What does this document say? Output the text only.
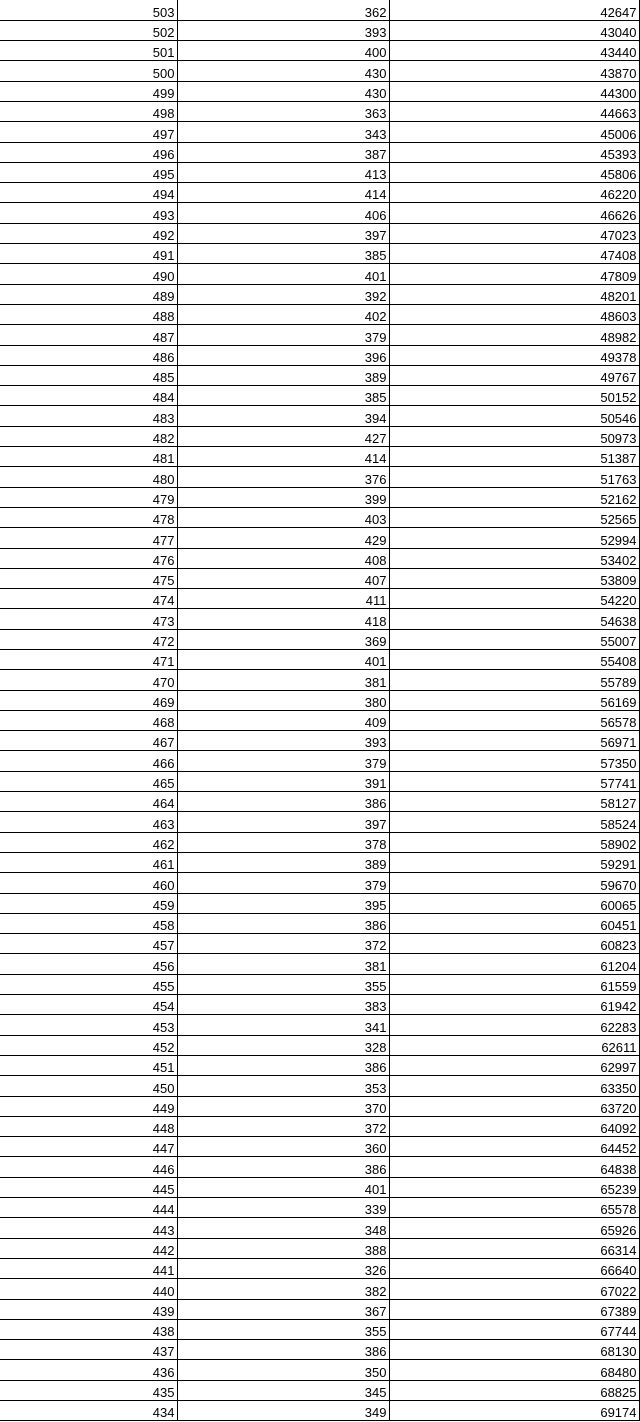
503	362	42647
502	393	43040
501	400	43440
500	430	43870
499	430	44300
498	363	44663
497	343	45006
496	387	45393
495	413	45806
494	414	46220
493	406	46626
492	397	47023
491	385	47408
490	401	47809
489	392	48201
488	402	48603
487	379	48982
486	396	49378
485	389	49767
484	385	50152
483	394	50546
482	427	50973
481	414	51387
480	376	51763
479	399	52162
478	403	52565
477	429	52994
476	408	53402
475	407	53809
474	411	54220
473	418	54638
472	369	55007
471	401	55408
470	381	55789
469	380	56169
468	409	56578
467	393	56971
466	379	57350
465	391	57741
464	386	58127
463	397	58524
462	378	58902
461	389	59291
460	379	59670
459	395	60065
458	386	60451
457	372	60823
456	381	61204
455	355	61559
454	383	61942
453	341	62283
452	328	62611
451	386	62997
450	353	63350
449	370	63720
448	372	64092
447	360	64452
446	386	64838
445	401	65239
444	339	65578
443	348	65926
442	388	66314
441	326	66640
440	382	67022
439	367	67389
438	355	67744
437	386	68130
436	350	68480
435	345	68825
434	349	69174
